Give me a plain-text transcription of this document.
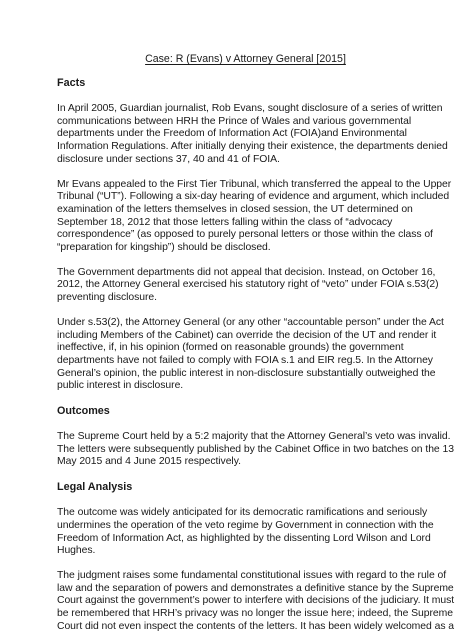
Case: R (Evans) v Attorney General [2015]
Facts
In April 2005, Guardian journalist, Rob Evans, sought disclosure of a series of written
communications between HRH the Prince of Wales and various governmental
departments under the Freedom of Information Act (FOIA)and Environmental
Information Regulations. After initially denying their existence, the departments denied
disclosure under sections 37, 40 and 41 of FOIA.
Mr Evans appealed to the First Tier Tribunal, which transferred the appeal to the Upper
Tribunal (“UT”). Following a six-day hearing of evidence and argument, which included
examination of the letters themselves in closed session, the UT determined on
September 18, 2012 that those letters falling within the class of “advocacy
correspondence” (as opposed to purely personal letters or those within the class of
“preparation for kingship”) should be disclosed.
The Government departments did not appeal that decision. Instead, on October 16,
2012, the Attorney General exercised his statutory right of “veto” under FOIA s.53(2)
preventing disclosure.
Under s.53(2), the Attorney General (or any other “accountable person” under the Act
including Members of the Cabinet) can override the decision of the UT and render it
ineffective, if, in his opinion (formed on reasonable grounds) the government
departments have not failed to comply with FOIA s.1 and EIR reg.5. In the Attorney
General’s opinion, the public interest in non-disclosure substantially outweighed the
public interest in disclosure.
Outcomes
The Supreme Court held by a 5:2 majority that the Attorney General’s veto was invalid.
The letters were subsequently published by the Cabinet Office in two batches on the 13
May 2015 and 4 June 2015 respectively.
Legal Analysis
The outcome was widely anticipated for its democratic ramifications and seriously
undermines the operation of the veto regime by Government in connection with the
Freedom of Information Act, as highlighted by the dissenting Lord Wilson and Lord
Hughes.
The judgment raises some fundamental constitutional issues with regard to the rule of
law and the separation of powers and demonstrates a definitive stance by the Supreme
Court against the government’s power to interfere with decisions of the judiciary. It must
be remembered that HRH’s privacy was no longer the issue here; indeed, the Supreme
Court did not even inspect the contents of the letters. It has been widely welcomed as a
